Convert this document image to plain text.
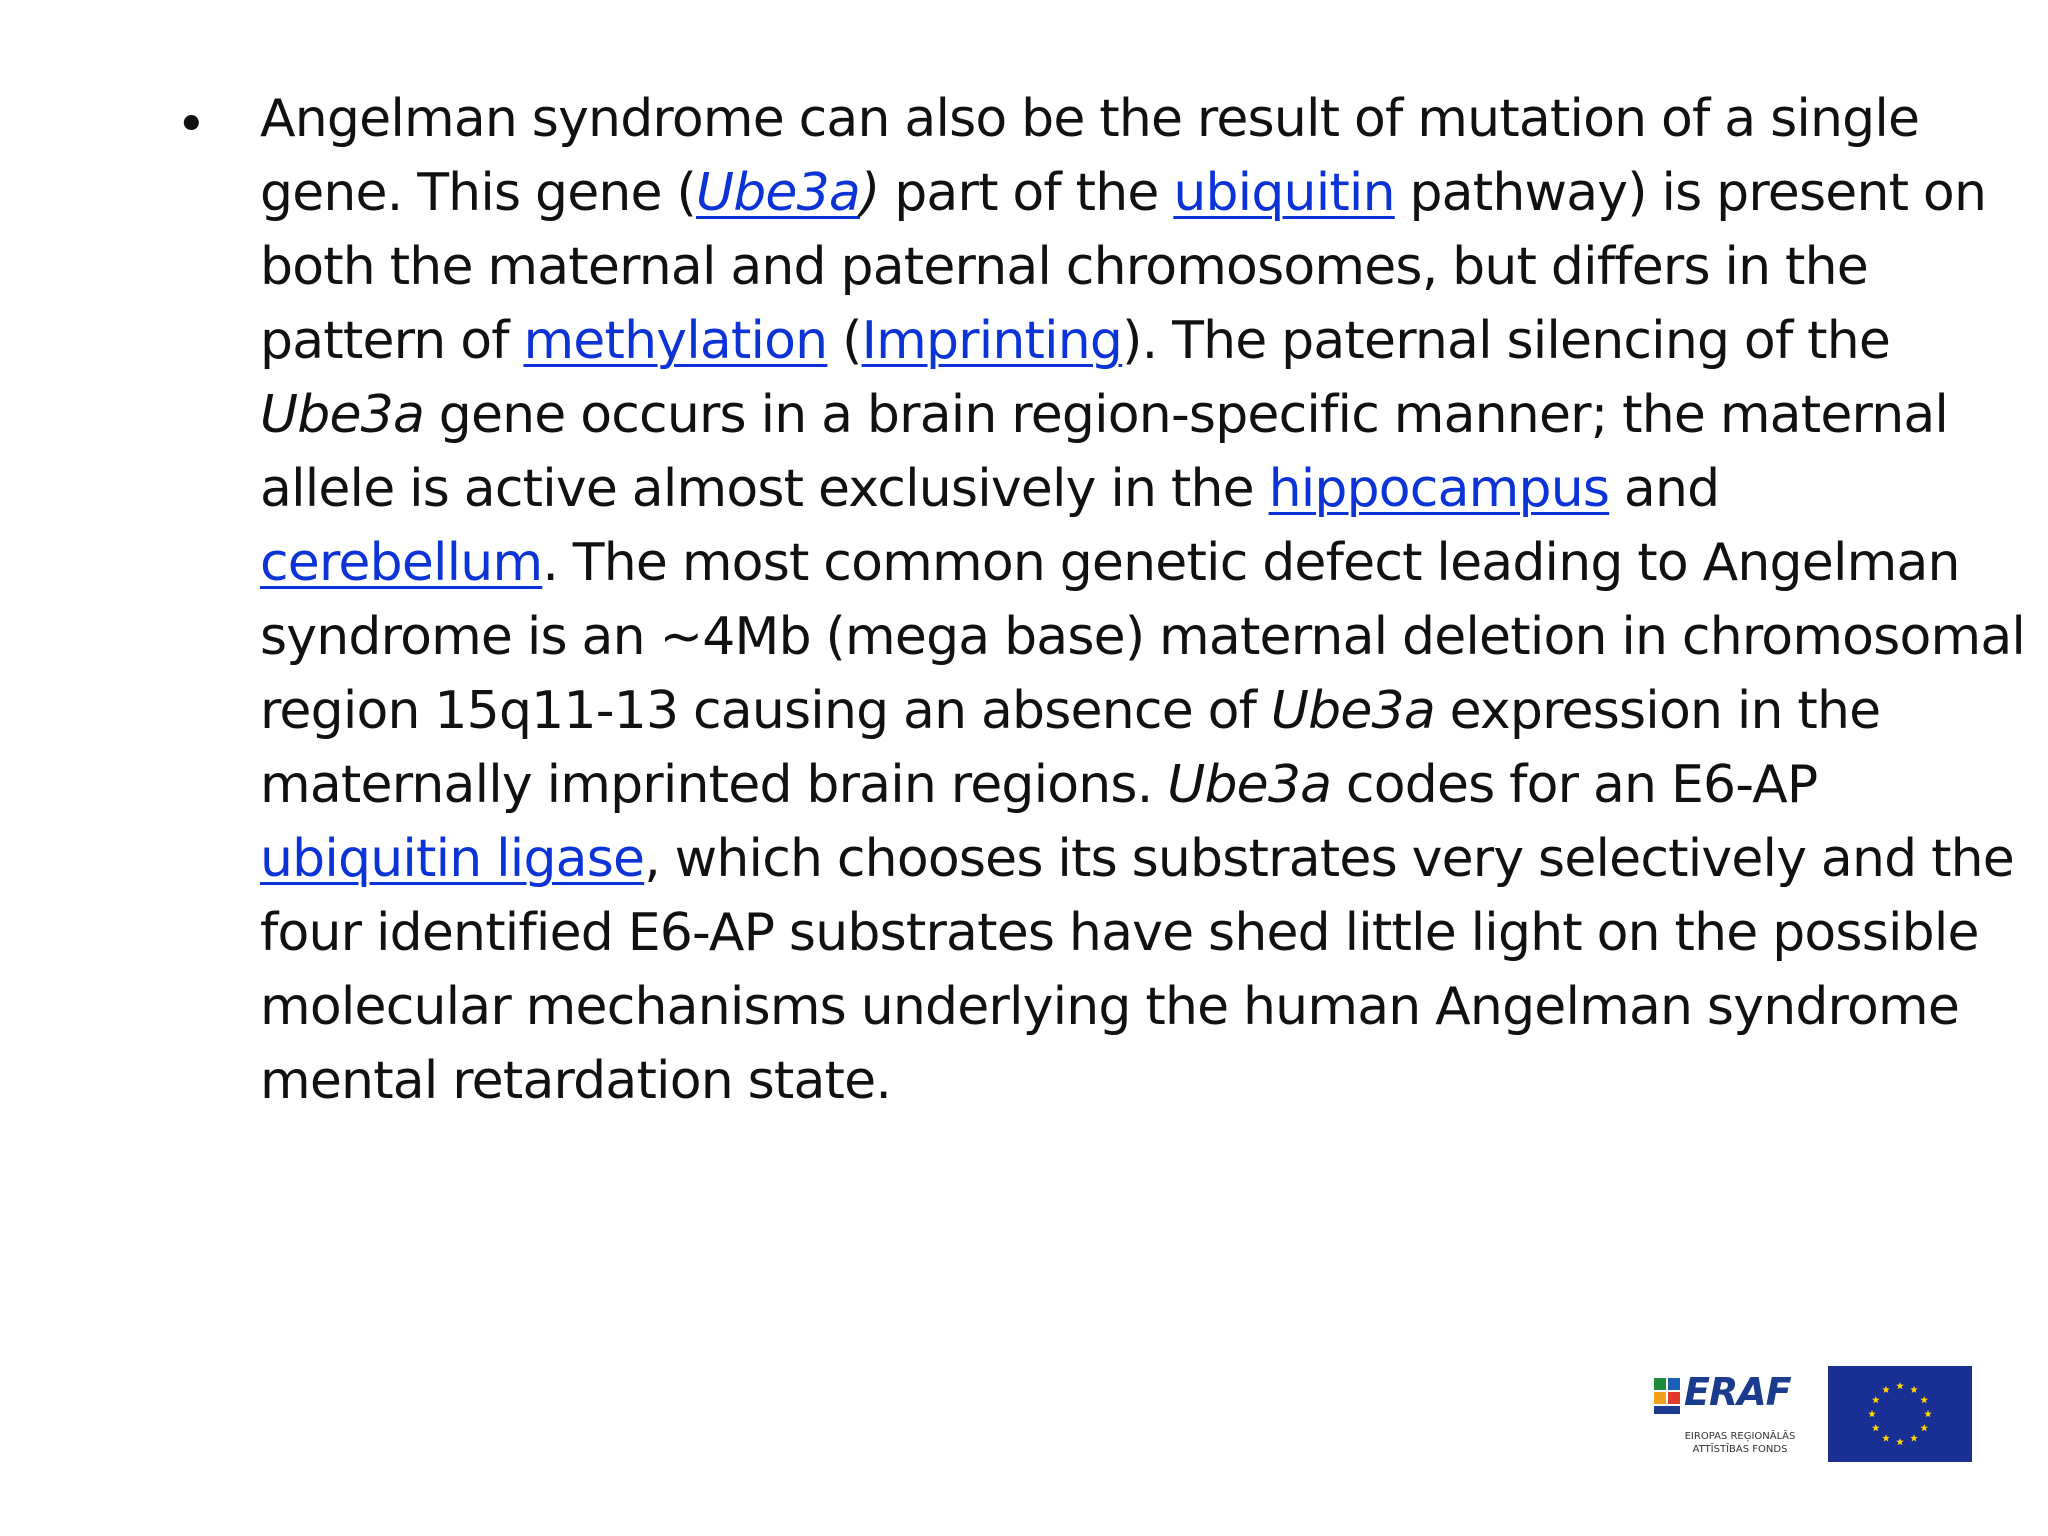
• Angelman syndrome can also be the result of mutation of a single gene. This gene (Ube3a) part of the ubiquitin pathway) is present on both the maternal and paternal chromosomes, but differs in the pattern of methylation (Imprinting). The paternal silencing of the Ube3a gene occurs in a brain region-specific manner; the maternal allele is active almost exclusively in the hippocampus and cerebellum. The most common genetic defect leading to Angelman syndrome is an ~4Mb (mega base) maternal deletion in chromosomal region 15q11-13 causing an absence of Ube3a expression in the maternally imprinted brain regions. Ube3a codes for an E6-AP ubiquitin ligase, which chooses its substrates very selectively and the four identified E6-AP substrates have shed little light on the possible molecular mechanisms underlying the human Angelman syndrome mental retardation state.
ERAF
EIROPAS REĢIONĀLĀS
ATTĪSTĪBAS FONDS
